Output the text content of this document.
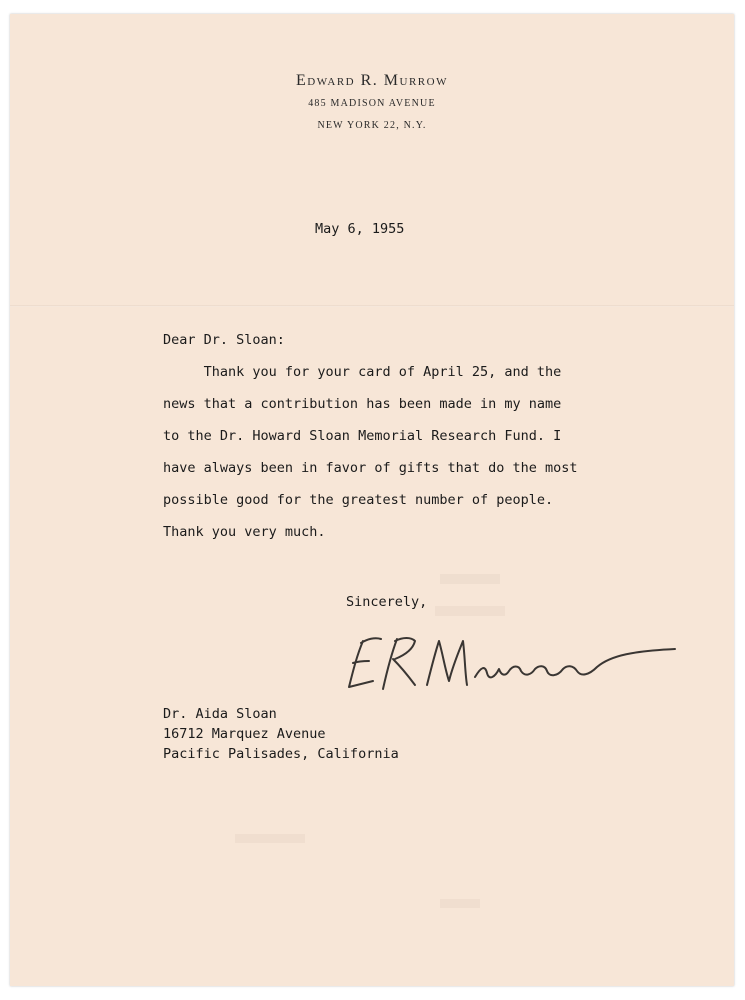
Edward R. Murrow
485 MADISON AVENUE
NEW YORK 22, N.Y.
May 6, 1955
Dear Dr. Sloan:
Thank you for your card of April 25, and the
news that a contribution has been made in my name
to the Dr. Howard Sloan Memorial Research Fund. I
have always been in favor of gifts that do the most
possible good for the greatest number of people.
Thank you very much.
Sincerely,
Dr. Aida Sloan
16712 Marquez Avenue
Pacific Palisades, California
